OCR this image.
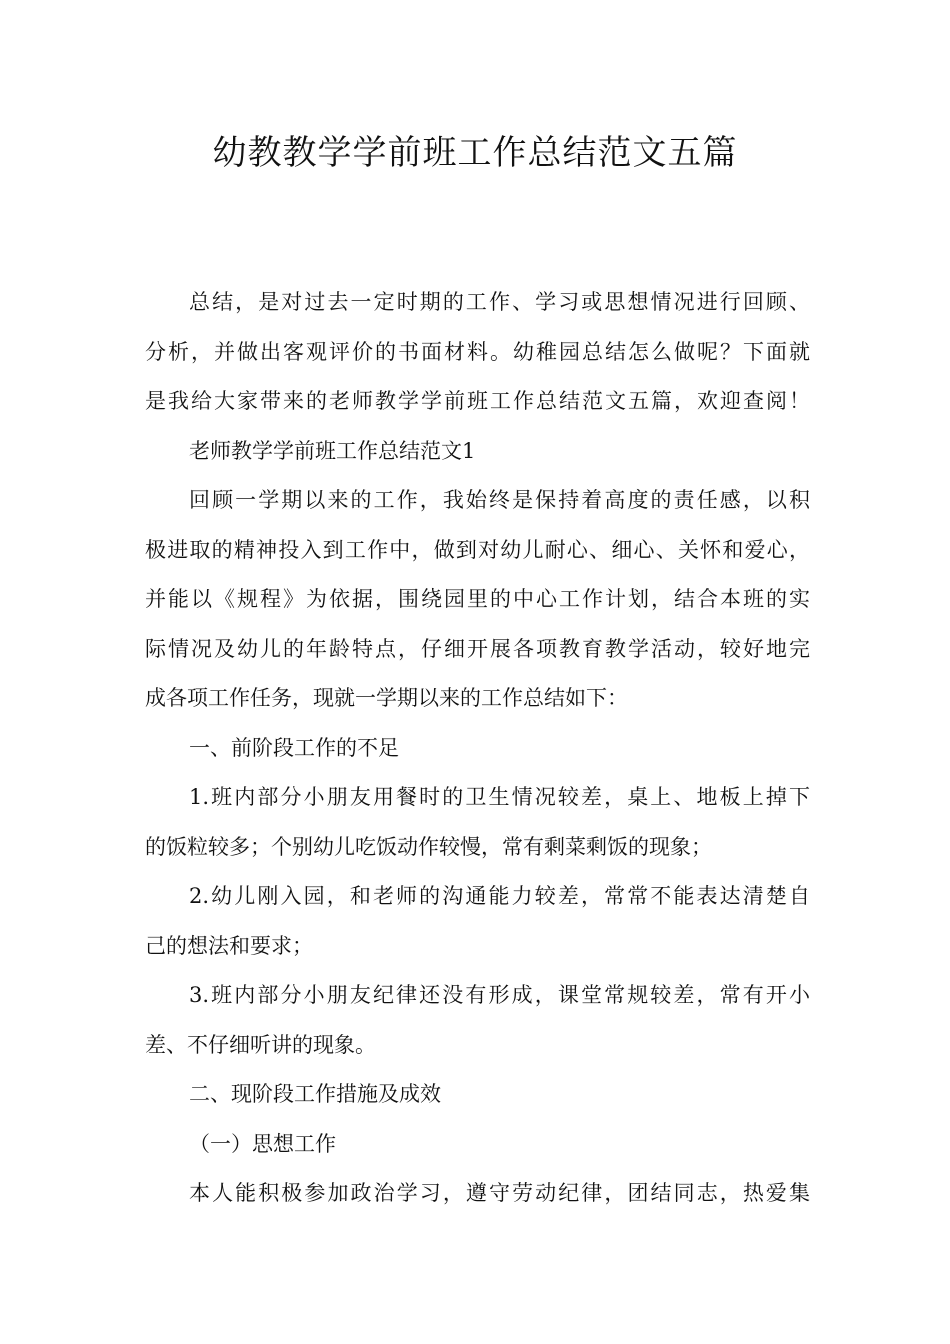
幼教教学学前班工作总结范文五篇
总结，是对过去一定时期的工作、学习或思想情况进行回顾、
分析，并做出客观评价的书面材料。幼稚园总结怎么做呢？下面就
是我给大家带来的老师教学学前班工作总结范文五篇，欢迎查阅！
老师教学学前班工作总结范文1
回顾一学期以来的工作，我始终是保持着高度的责任感，以积
极进取的精神投入到工作中，做到对幼儿耐心、细心、关怀和爱心，
并能以《规程》为依据，围绕园里的中心工作计划，结合本班的实
际情况及幼儿的年龄特点，仔细开展各项教育教学活动，较好地完
成各项工作任务，现就一学期以来的工作总结如下：
一、前阶段工作的不足
1.班内部分小朋友用餐时的卫生情况较差，桌上、地板上掉下
的饭粒较多；个别幼儿吃饭动作较慢，常有剩菜剩饭的现象；
2.幼儿刚入园，和老师的沟通能力较差，常常不能表达清楚自
己的想法和要求；
3.班内部分小朋友纪律还没有形成，课堂常规较差，常有开小
差、不仔细听讲的现象。
二、现阶段工作措施及成效
（一）思想工作
本人能积极参加政治学习，遵守劳动纪律，团结同志，热爱集
